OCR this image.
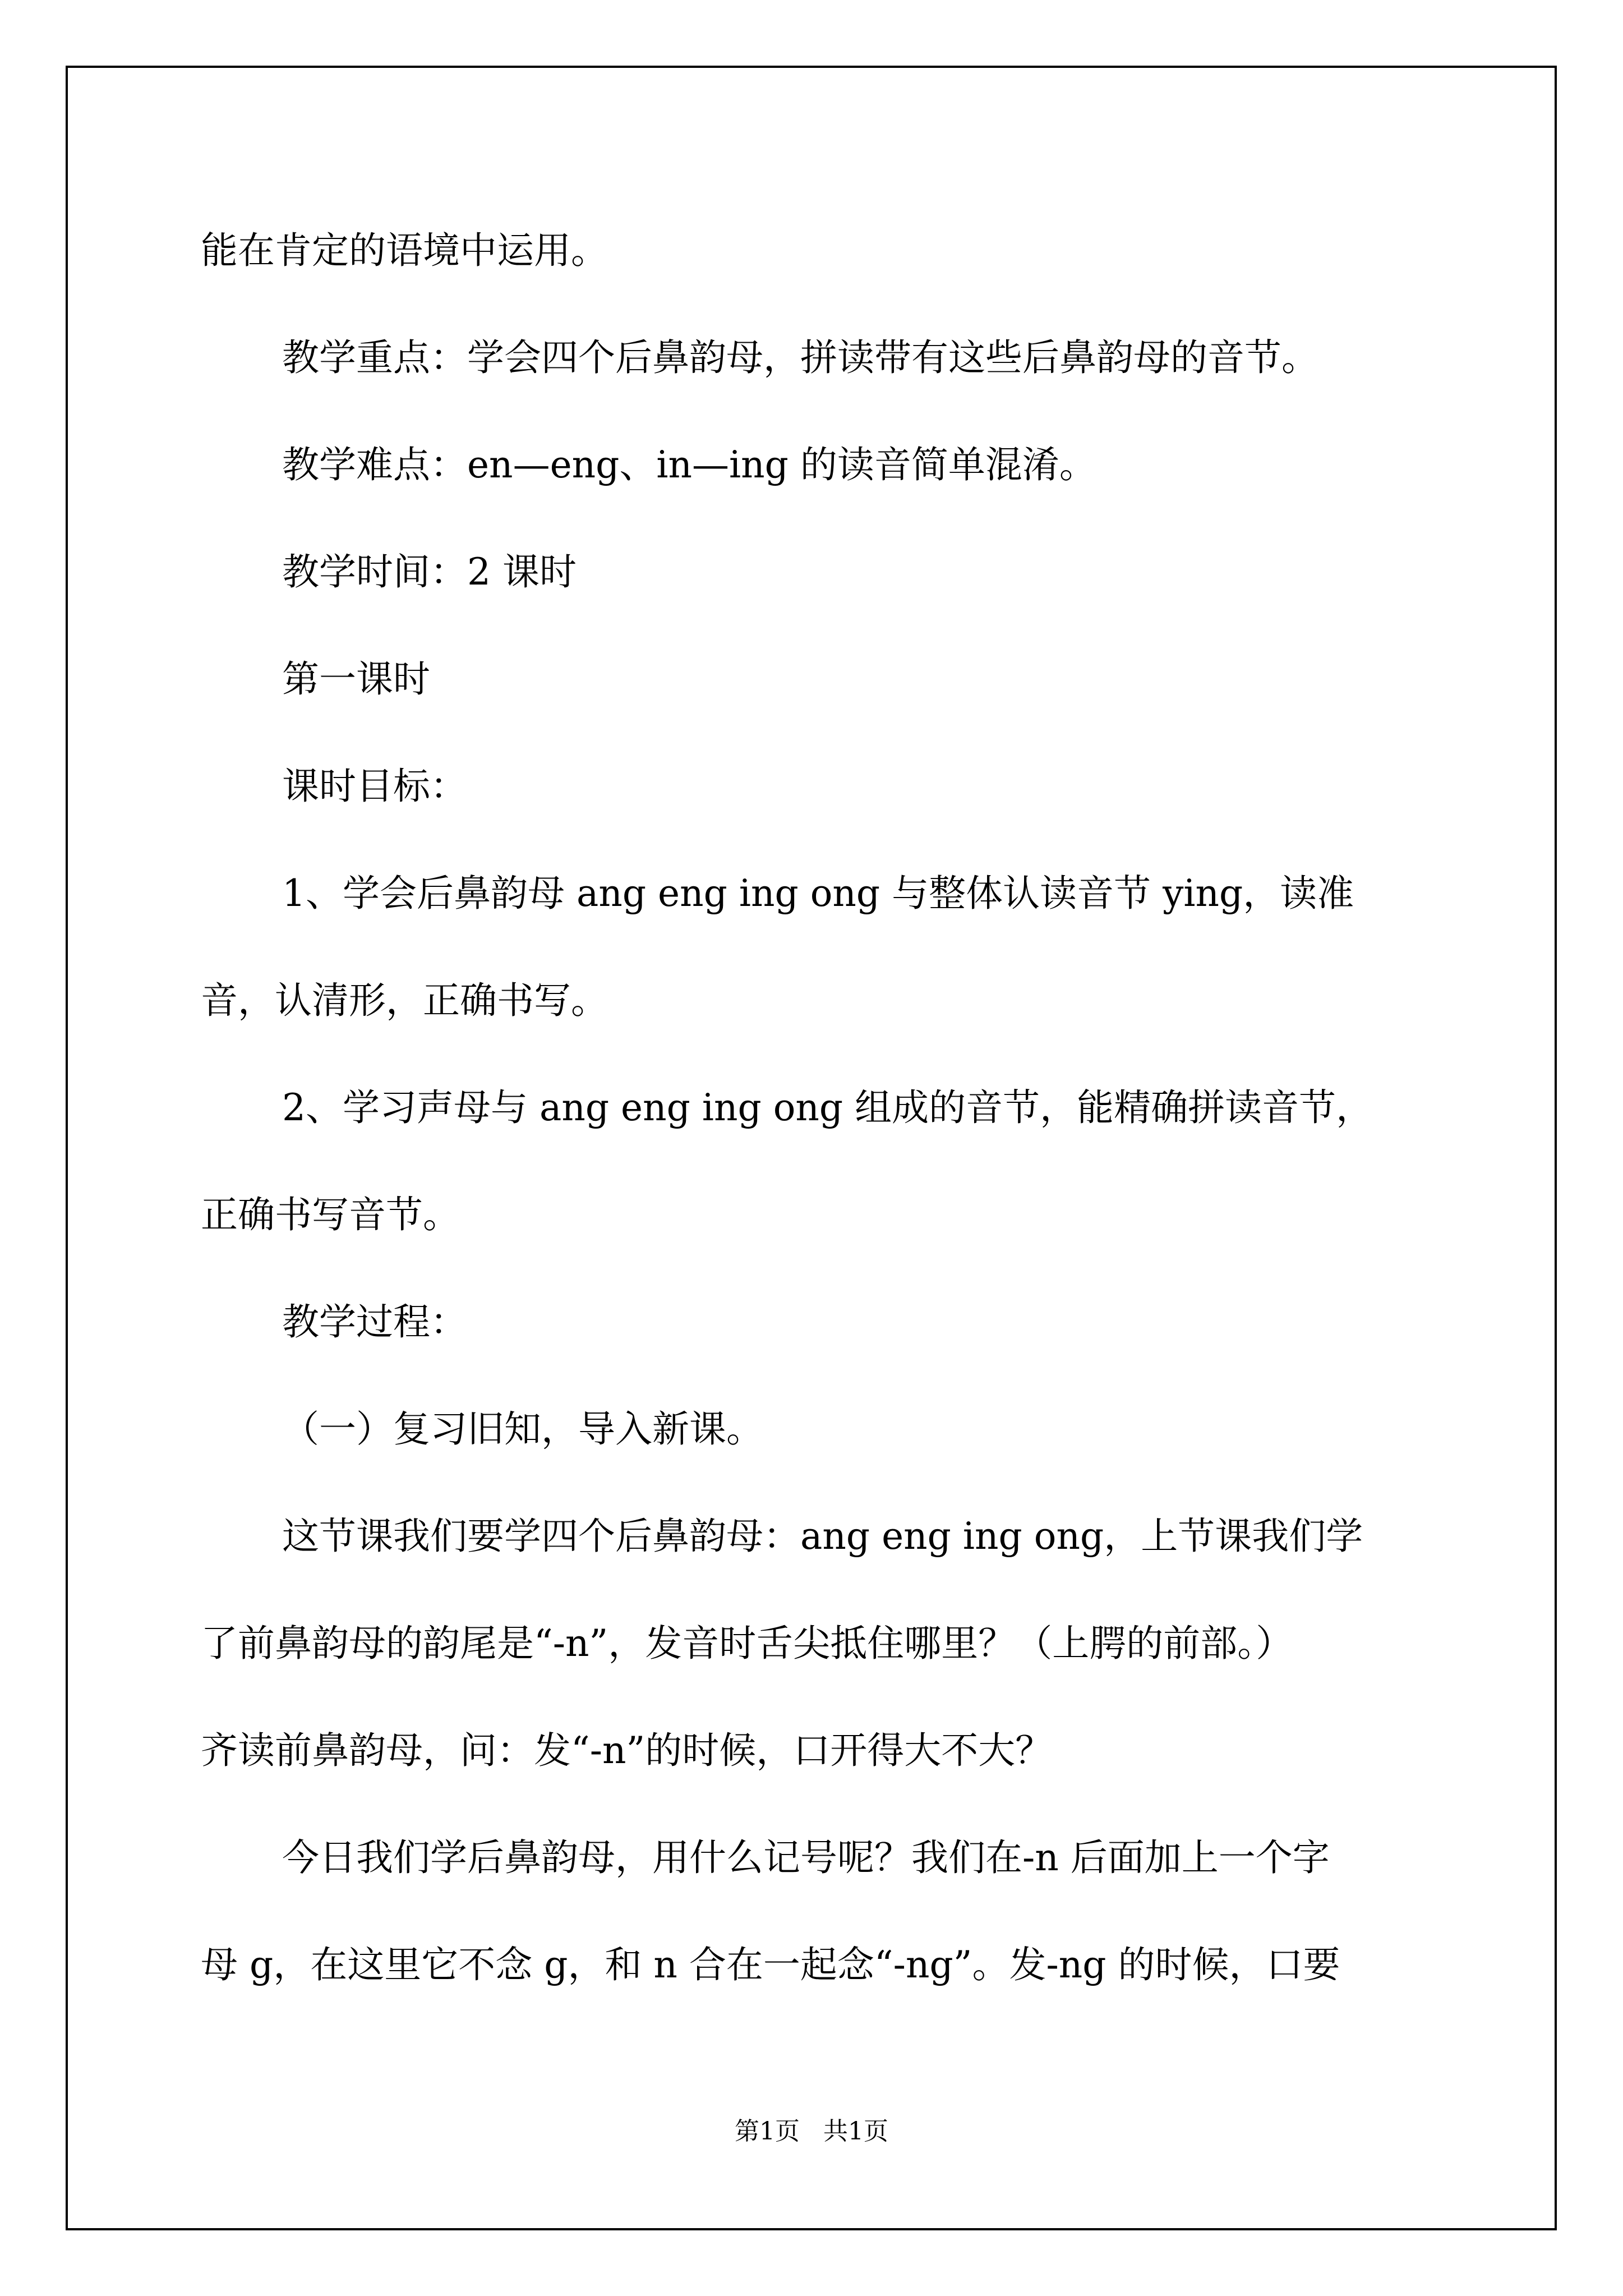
能在肯定的语境中运用。

教学重点：学会四个后鼻韵母，拼读带有这些后鼻韵母的音节。

教学难点：en—eng、in—ing 的读音简单混淆。

教学时间：2 课时

第一课时

课时目标：

1、学会后鼻韵母 ang eng ing ong 与整体认读音节 ying，读准

音，认清形，正确书写。

2、学习声母与 ang eng ing ong 组成的音节，能精确拼读音节，

正确书写音节。

教学过程：

（一）复习旧知，导入新课。

这节课我们要学四个后鼻韵母：ang eng ing ong，上节课我们学

了前鼻韵母的韵尾是“-n”，发音时舌尖抵住哪里？（上腭的前部。）

齐读前鼻韵母，问：发“-n”的时候，口开得大不大？

今日我们学后鼻韵母，用什么记号呢？我们在-n 后面加上一个字

母 g，在这里它不念 g，和 n 合在一起念“-ng”。发-ng 的时候，口要

第1页   共1页
